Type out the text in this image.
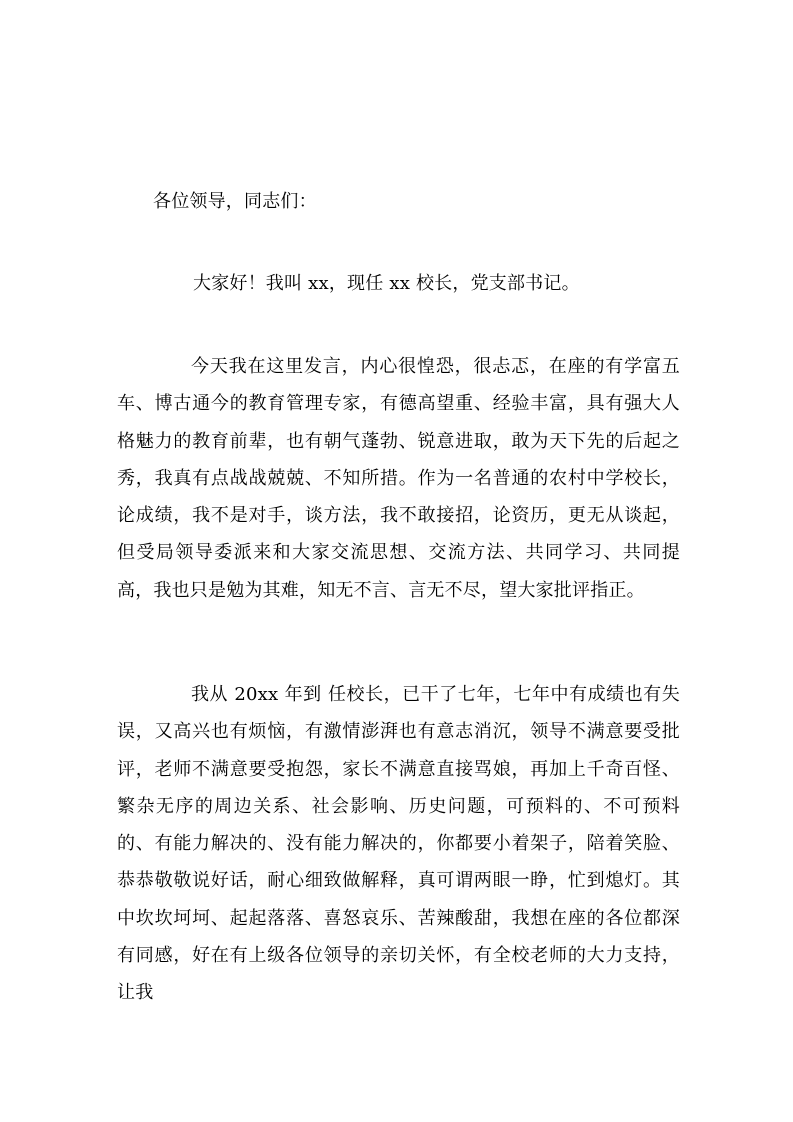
各位领导，同志们：

大家好！我叫 xx，现任 xx 校长，党支部书记。

今天我在这里发言，内心很惶恐，很忐忑，在座的有学富五车、博古通今的教育管理专家，有德高望重、经验丰富，具有强大人格魅力的教育前辈，也有朝气蓬勃、锐意进取，敢为天下先的后起之秀，我真有点战战兢兢、不知所措。作为一名普通的农村中学校长，论成绩，我不是对手，谈方法，我不敢接招，论资历，更无从谈起，但受局领导委派来和大家交流思想、交流方法、共同学习、共同提高，我也只是勉为其难，知无不言、言无不尽，望大家批评指正。

我从 20xx 年到 任校长，已干了七年，七年中有成绩也有失误，又高兴也有烦恼，有激情澎湃也有意志消沉，领导不满意要受批评，老师不满意要受抱怨，家长不满意直接骂娘，再加上千奇百怪、繁杂无序的周边关系、社会影响、历史问题，可预料的、不可预料的、有能力解决的、没有能力解决的，你都要小着架子，陪着笑脸、恭恭敬敬说好话，耐心细致做解释，真可谓两眼一睁，忙到熄灯。其中坎坎坷坷、起起落落、喜怒哀乐、苦辣酸甜，我想在座的各位都深有同感，好在有上级各位领导的亲切关怀，有全校老师的大力支持，让我
